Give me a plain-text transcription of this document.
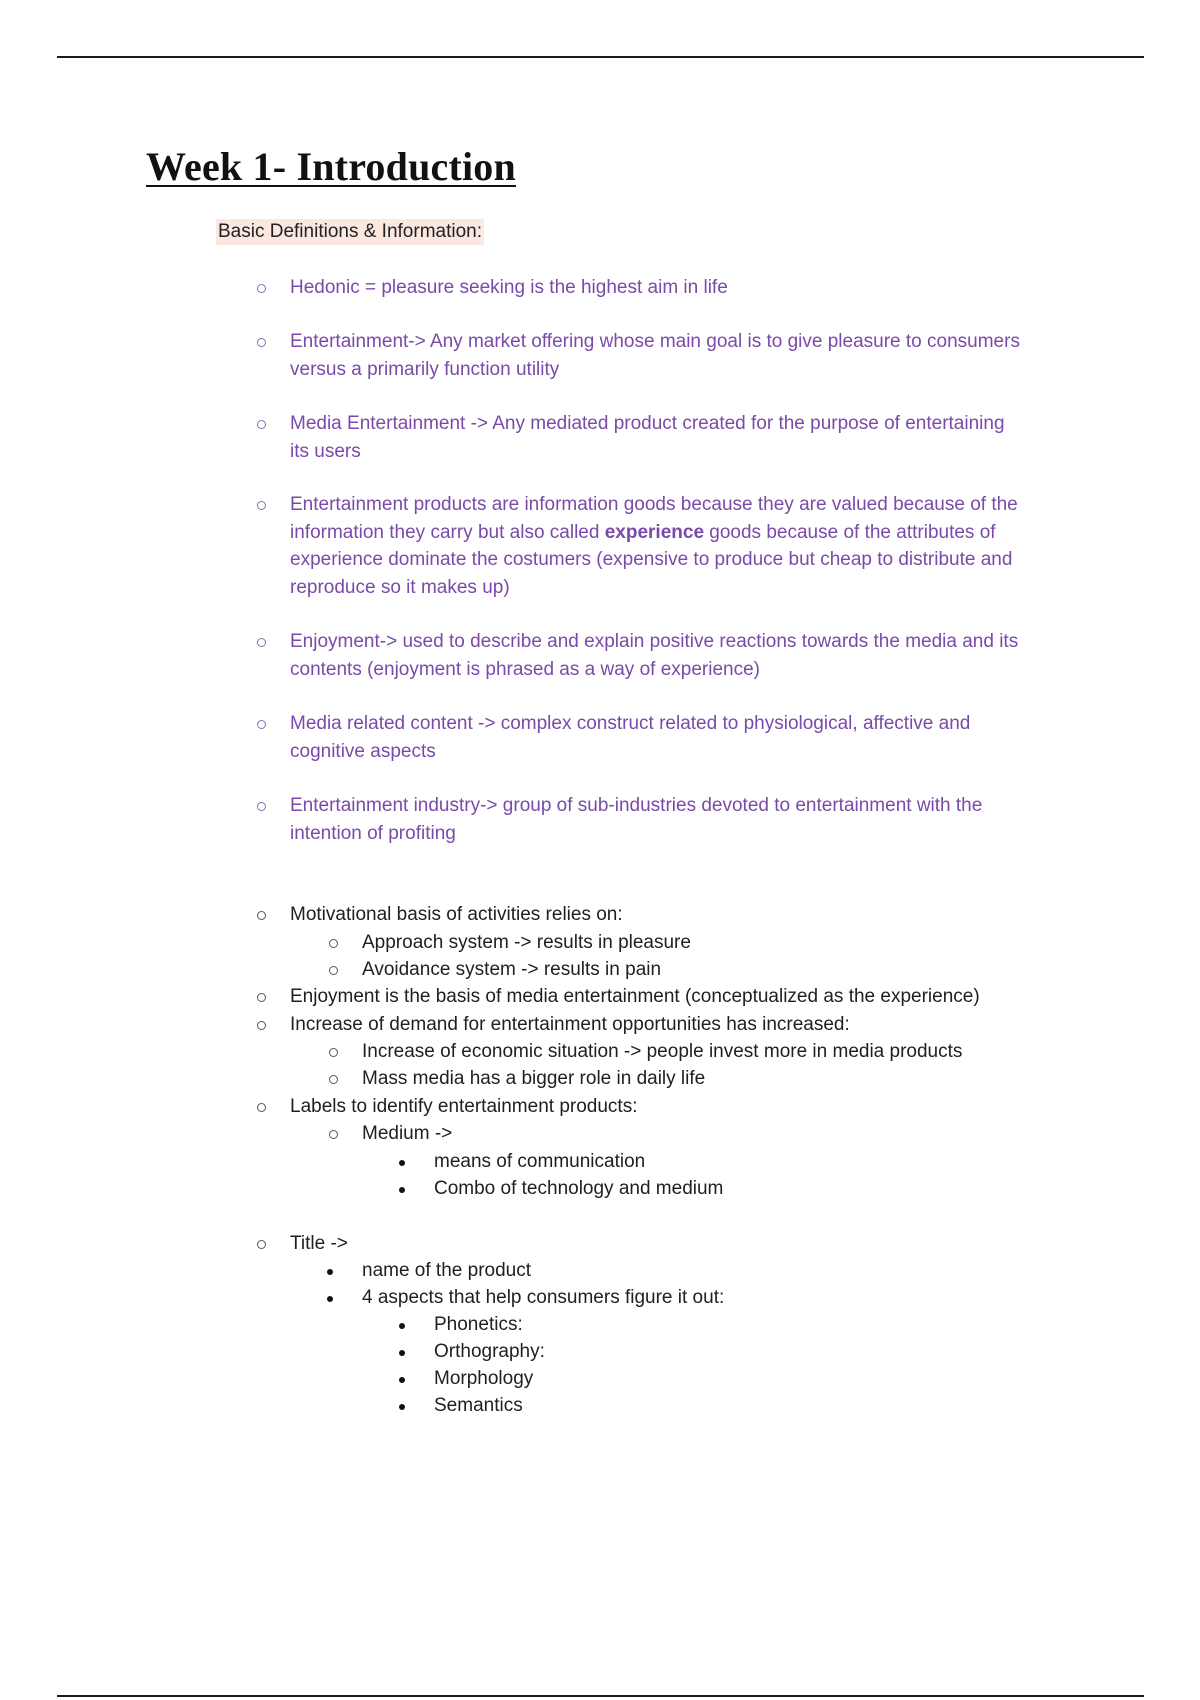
Week 1- Introduction
Basic Definitions & Information:
Hedonic = pleasure seeking is the highest aim in life
Entertainment-> Any market offering whose main goal is to give pleasure to consumers
versus a primarily function utility
Media Entertainment -> Any mediated product created for the purpose of entertaining
its users
Entertainment products are information goods because they are valued because of the
information they carry but also called experience goods because of the attributes of
experience dominate the costumers (expensive to produce but cheap to distribute and
reproduce so it makes up)
Enjoyment-> used to describe and explain positive reactions towards the media and its
contents (enjoyment is phrased as a way of experience)
Media related content -> complex construct related to physiological, affective and
cognitive aspects
Entertainment industry-> group of sub-industries devoted to entertainment with the
intention of profiting
Motivational basis of activities relies on:
Approach system -> results in pleasure
Avoidance system -> results in pain
Enjoyment is the basis of media entertainment (conceptualized as the experience)
Increase of demand for entertainment opportunities has increased:
Increase of economic situation -> people invest more in media products
Mass media has a bigger role in daily life
Labels to identify entertainment products:
Medium ->
means of communication
Combo of technology and medium
Title ->
name of the product
4 aspects that help consumers figure it out:
Phonetics:
Orthography:
Morphology
Semantics
